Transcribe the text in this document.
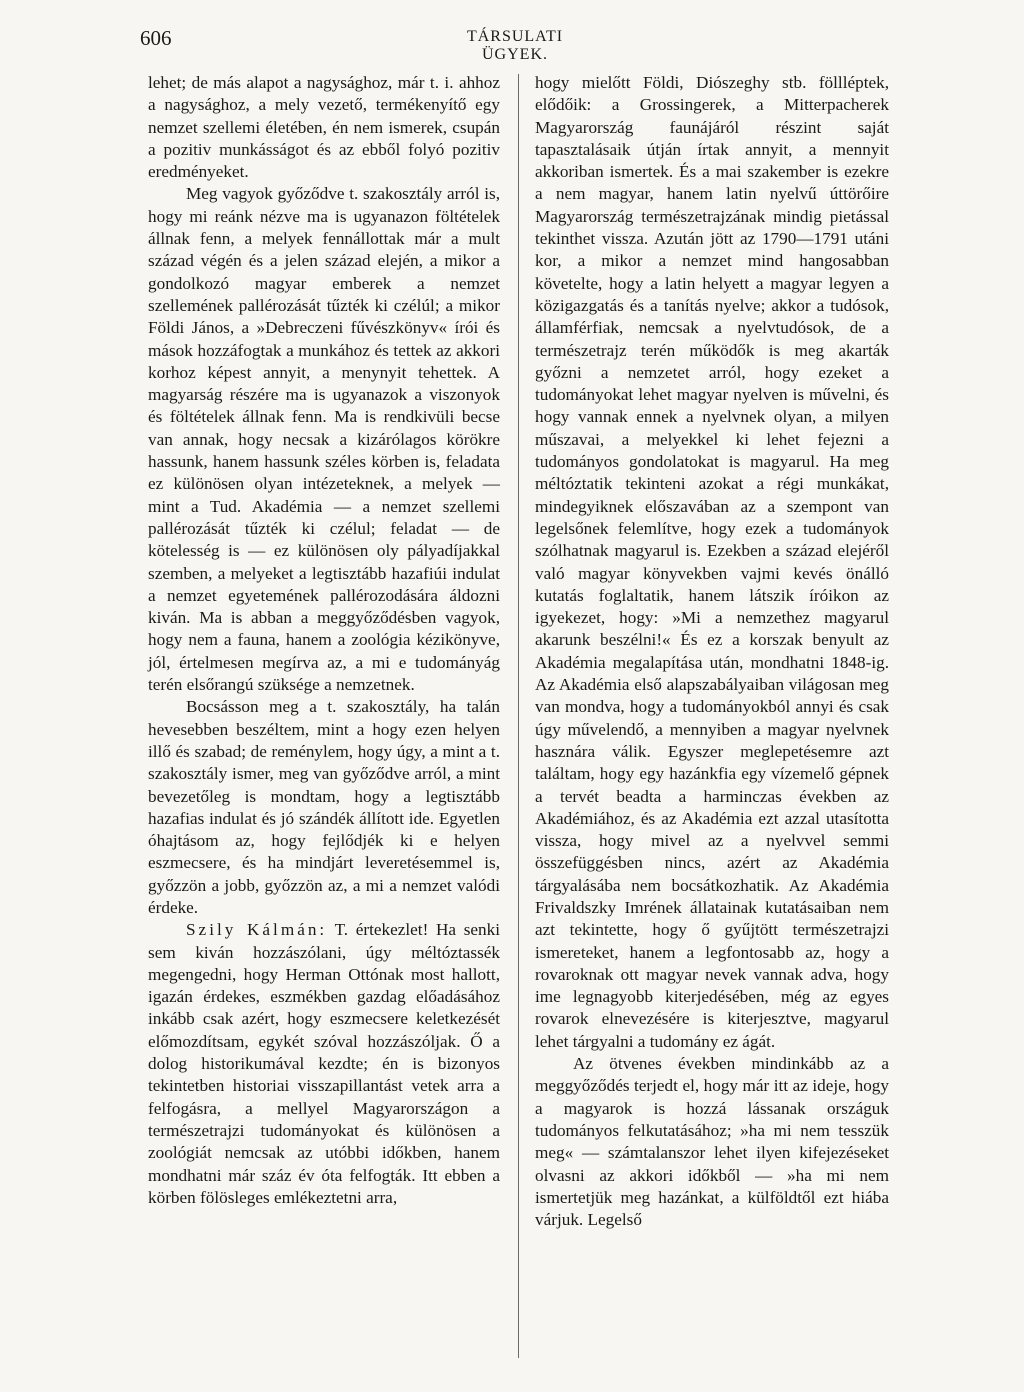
606	TÁRSULATI ÜGYEK.

lehet; de más alapot a nagysághoz, már t. i. ahhoz a nagysághoz, a mely vezető, termékenyítő egy nemzet szellemi életében, én nem ismerek, csupán a pozitiv munkásságot és az ebből folyó pozitiv eredményeket.

Meg vagyok győződve t. szakosztály arról is, hogy mi reánk nézve ma is ugyanazon föltételek állnak fenn, a melyek fennállottak már a mult század végén és a jelen század elején, a mikor a gondolkozó magyar emberek a nemzet szellemének pallérozását tűzték ki czélúl; a mikor Földi János, a »Debreczeni fűvészkönyv« írói és mások hozzáfogtak a munkához és tettek az akkori korhoz képest annyit, a menynyit tehettek. A magyarság részére ma is ugyanazok a viszonyok és föltételek állnak fenn. Ma is rendkivüli becse van annak, hogy necsak a kizárólagos körökre hassunk, hanem hassunk széles körben is, feladata ez különösen olyan intézeteknek, a melyek — mint a Tud. Akadémia — a nemzet szellemi pallérozását tűzték ki czélul; feladat — de kötelesség is — ez különösen oly pályadíjakkal szemben, a melyeket a legtisztább hazafiúi indulat a nemzet egyetemének pallérozodására áldozni kiván. Ma is abban a meggyőződésben vagyok, hogy nem a fauna, hanem a zoológia kézikönyve, jól, értelmesen megírva az, a mi e tudományág terén elsőrangú szüksége a nemzetnek.

Bocsásson meg a t. szakosztály, ha talán hevesebben beszéltem, mint a hogy ezen helyen illő és szabad; de reménylem, hogy úgy, a mint a t. szakosztály ismer, meg van győződve arról, a mint bevezetőleg is mondtam, hogy a legtisztább hazafias indulat és jó szándék állított ide. Egyetlen óhajtásom az, hogy fejlődjék ki e helyen eszmecsere, és ha mindjárt leveretésemmel is, győzzön a jobb, győzzön az, a mi a nemzet valódi érdeke.

Szily Kálmán: T. értekezlet! Ha senki sem kiván hozzászólani, úgy méltóztassék megengedni, hogy Herman Ottónak most hallott, igazán érdekes, eszmékben gazdag előadásához inkább csak azért, hogy eszmecsere keletkezését előmozdítsam, egykét szóval hozzászóljak. Ő a dolog historikumával kezdte; én is bizonyos tekintetben historiai visszapillantást vetek arra a felfogásra, a mellyel Magyarországon a természetrajzi tudományokat és különösen a zoológiát nemcsak az utóbbi időkben, hanem mondhatni már száz év óta felfogták. Itt ebben a körben fölösleges emlékeztetni arra,

hogy mielőtt Földi, Diószeghy stb. föllléptek, elődőik: a Grossingerek, a Mitterpacherek Magyarország faunájáról részint saját tapasztalásaik útján írtak annyit, a mennyit akkoriban ismertek. És a mai szakember is ezekre a nem magyar, hanem latin nyelvű úttörőire Magyarország természetrajzának mindig pietással tekinthet vissza. Azután jött az 1790—1791 utáni kor, a mikor a nemzet mind hangosabban követelte, hogy a latin helyett a magyar legyen a közigazgatás és a tanítás nyelve; akkor a tudósok, államférfiak, nemcsak a nyelvtudósok, de a természetrajz terén működők is meg akarták győzni a nemzetet arról, hogy ezeket a tudományokat lehet magyar nyelven is művelni, és hogy vannak ennek a nyelvnek olyan, a milyen műszavai, a melyekkel ki lehet fejezni a tudományos gondolatokat is magyarul. Ha meg méltóztatik tekinteni azokat a régi munkákat, mindegyiknek előszavában az a szempont van legelsőnek felemlítve, hogy ezek a tudományok szólhatnak magyarul is. Ezekben a század elejéről való magyar könyvekben vajmi kevés önálló kutatás foglaltatik, hanem látszik íróikon az igyekezet, hogy: »Mi a nemzethez magyarul akarunk beszélni!« És ez a korszak benyult az Akadémia megalapítása után, mondhatni 1848-ig. Az Akadémia első alapszabályaiban világosan meg van mondva, hogy a tudományokból annyi és csak úgy művelendő, a mennyiben a magyar nyelvnek hasznára válik. Egyszer meglepetésemre azt találtam, hogy egy hazánkfia egy vízemelő gépnek a tervét beadta a harminczas években az Akadémiához, és az Akadémia ezt azzal utasította vissza, hogy mivel az a nyelvvel semmi összefüggésben nincs, azért az Akadémia tárgyalásába nem bocsátkozhatik. Az Akadémia Frivaldszky Imrének állatainak kutatásaiban nem azt tekintette, hogy ő gyűjtött természetrajzi ismereteket, hanem a legfontosabb az, hogy a rovaroknak ott magyar nevek vannak adva, hogy ime legnagyobb kiterjedésében, még az egyes rovarok elnevezésére is kiterjesztve, magyarul lehet tárgyalni a tudomány ez ágát.

Az ötvenes években mindinkább az a meggyőződés terjedt el, hogy már itt az ideje, hogy a magyarok is hozzá lássanak országuk tudományos felkutatásához; »ha mi nem tesszük meg« — számtalanszor lehet ilyen kifejezéseket olvasni az akkori időkből — »ha mi nem ismertetjük meg hazánkat, a külföldtől ezt hiába várjuk. Legelső
